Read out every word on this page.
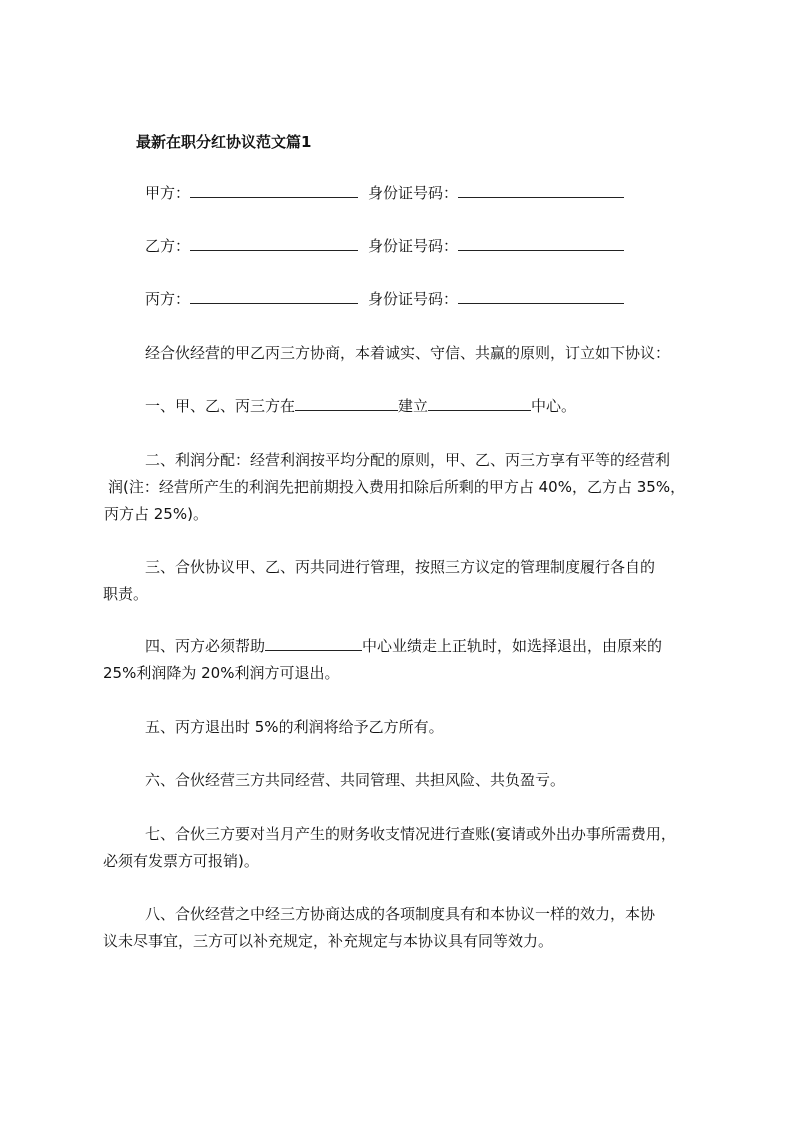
最新在职分红协议范文篇1
甲方：	身份证号码：
乙方：	身份证号码：
丙方：	身份证号码：
经合伙经营的甲乙丙三方协商，本着诚实、守信、共赢的原则，订立如下协议：
一、甲、乙、丙三方在	建立	中心。
二、利润分配：经营利润按平均分配的原则，甲、乙、丙三方享有平等的经营利
润(注：经营所产生的利润先把前期投入费用扣除后所剩的甲方占 40%，乙方占 35%，
丙方占 25%)。
三、合伙协议甲、乙、丙共同进行管理，按照三方议定的管理制度履行各自的
职责。
四、丙方必须帮助	中心业绩走上正轨时，如选择退出，由原来的
25%利润降为 20%利润方可退出。
五、丙方退出时 5%的利润将给予乙方所有。
六、合伙经营三方共同经营、共同管理、共担风险、共负盈亏。
七、合伙三方要对当月产生的财务收支情况进行查账(宴请或外出办事所需费用，
必须有发票方可报销)。
八、合伙经营之中经三方协商达成的各项制度具有和本协议一样的效力，本协
议未尽事宜，三方可以补充规定，补充规定与本协议具有同等效力。
